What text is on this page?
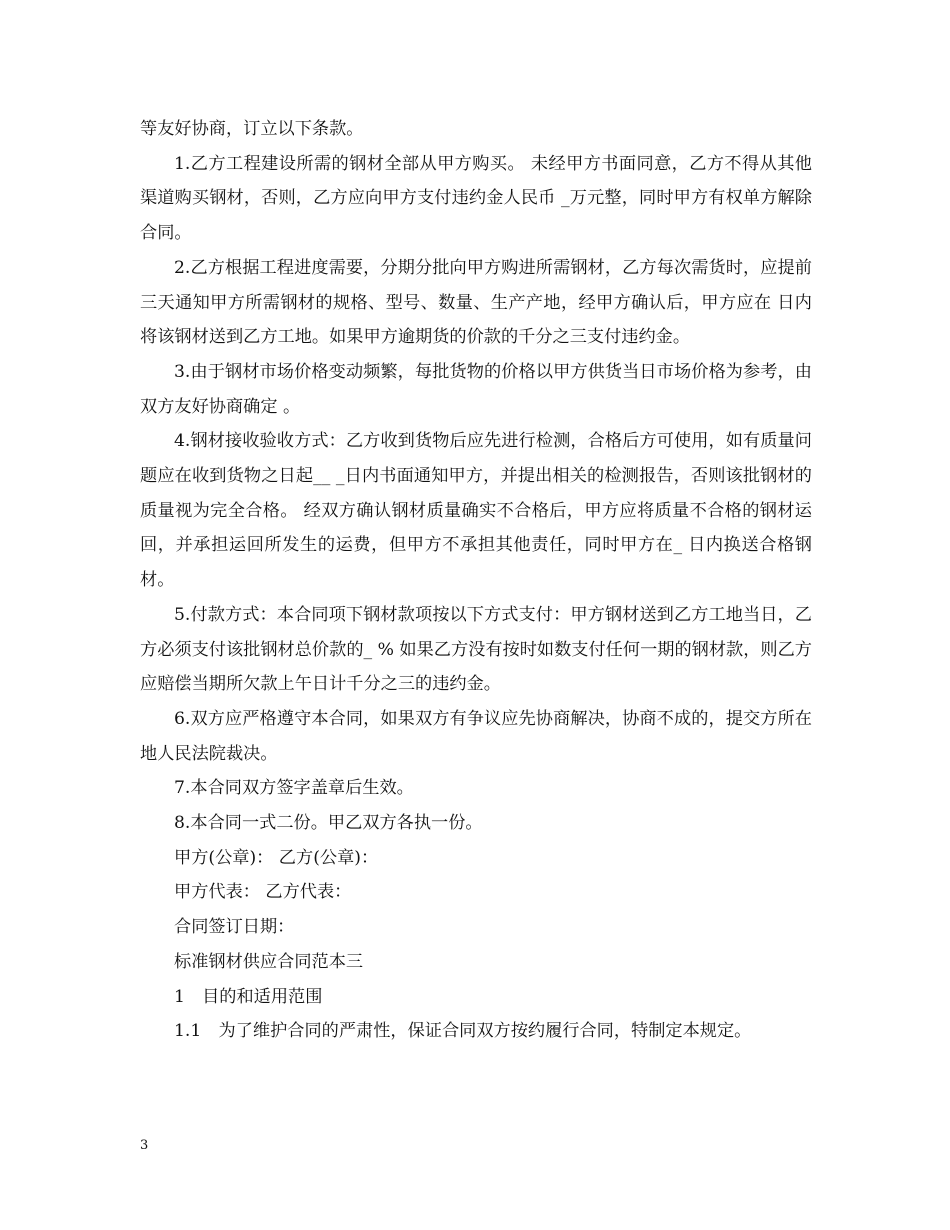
等友好协商，订立以下条款。

1.乙方工程建设所需的钢材全部从甲方购买。 未经甲方书面同意，乙方不得从其他渠道购买钢材，否则，乙方应向甲方支付违约金人民币 _万元整，同时甲方有权单方解除合同。

2.乙方根据工程进度需要，分期分批向甲方购进所需钢材，乙方每次需货时，应提前三天通知甲方所需钢材的规格、型号、数量、生产产地，经甲方确认后，甲方应在 日内将该钢材送到乙方工地。如果甲方逾期货的价款的千分之三支付违约金。

3.由于钢材市场价格变动频繁，每批货物的价格以甲方供货当日市场价格为参考，由双方友好协商确定 。

4.钢材接收验收方式：乙方收到货物后应先进行检测，合格后方可使用，如有质量问题应在收到货物之日起__ _日内书面通知甲方，并提出相关的检测报告，否则该批钢材的质量视为完全合格。 经双方确认钢材质量确实不合格后，甲方应将质量不合格的钢材运回，并承担运回所发生的运费，但甲方不承担其他责任，同时甲方在_ 日内换送合格钢材。

5.付款方式：本合同项下钢材款项按以下方式支付：甲方钢材送到乙方工地当日，乙方必须支付该批钢材总价款的_ % 如果乙方没有按时如数支付任何一期的钢材款，则乙方应赔偿当期所欠款上午日计千分之三的违约金。

6.双方应严格遵守本合同，如果双方有争议应先协商解决，协商不成的，提交方所在地人民法院裁决。

7.本合同双方签字盖章后生效。

8.本合同一式二份。甲乙双方各执一份。

甲方(公章)： 乙方(公章)：

甲方代表： 乙方代表：

合同签订日期：

标准钢材供应合同范本三

1　目的和适用范围

1.1　为了维护合同的严肃性，保证合同双方按约履行合同，特制定本规定。

3
